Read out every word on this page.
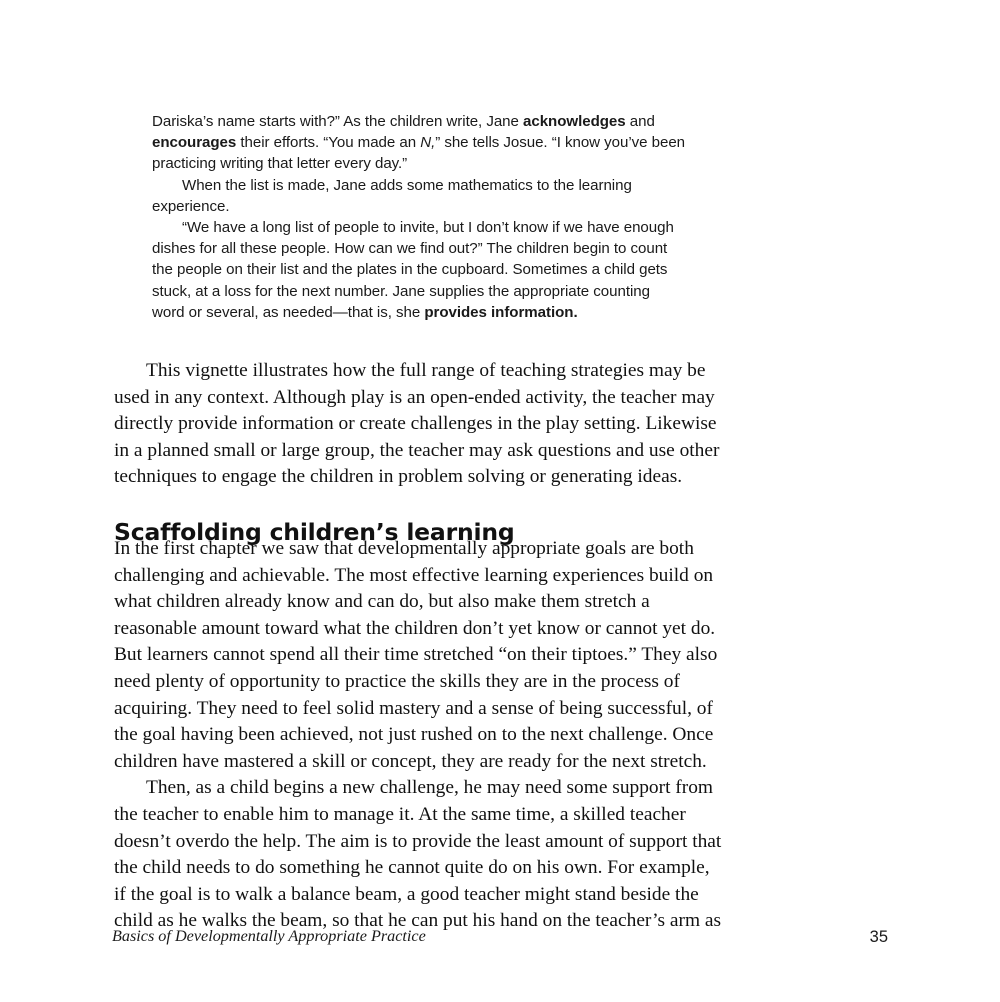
Dariska’s name starts with?” As the children write, Jane acknowledges and encourages their efforts. “You made an N,” she tells Josue. “I know you’ve been practicing writing that letter every day.”

When the list is made, Jane adds some mathematics to the learning experience.

“We have a long list of people to invite, but I don’t know if we have enough dishes for all these people. How can we find out?” The children begin to count the people on their list and the plates in the cupboard. Sometimes a child gets stuck, at a loss for the next number. Jane supplies the appropriate counting word or several, as needed—that is, she provides information.

This vignette illustrates how the full range of teaching strategies may be used in any context. Although play is an open-ended activity, the teacher may directly provide information or create challenges in the play setting. Likewise in a planned small or large group, the teacher may ask questions and use other techniques to engage the children in problem solving or generating ideas.

Scaffolding children’s learning

In the first chapter we saw that developmentally appropriate goals are both challenging and achievable. The most effective learning experiences build on what children already know and can do, but also make them stretch a reasonable amount toward what the children don’t yet know or cannot yet do. But learners cannot spend all their time stretched “on their tiptoes.” They also need plenty of opportunity to practice the skills they are in the process of acquiring. They need to feel solid mastery and a sense of being successful, of the goal having been achieved, not just rushed on to the next challenge. Once children have mastered a skill or concept, they are ready for the next stretch.

Then, as a child begins a new challenge, he may need some support from the teacher to enable him to manage it. At the same time, a skilled teacher doesn’t overdo the help. The aim is to provide the least amount of support that the child needs to do something he cannot quite do on his own. For example, if the goal is to walk a balance beam, a good teacher might stand beside the child as he walks the beam, so that he can put his hand on the teacher’s arm as

Basics of Developmentally Appropriate Practice	35
